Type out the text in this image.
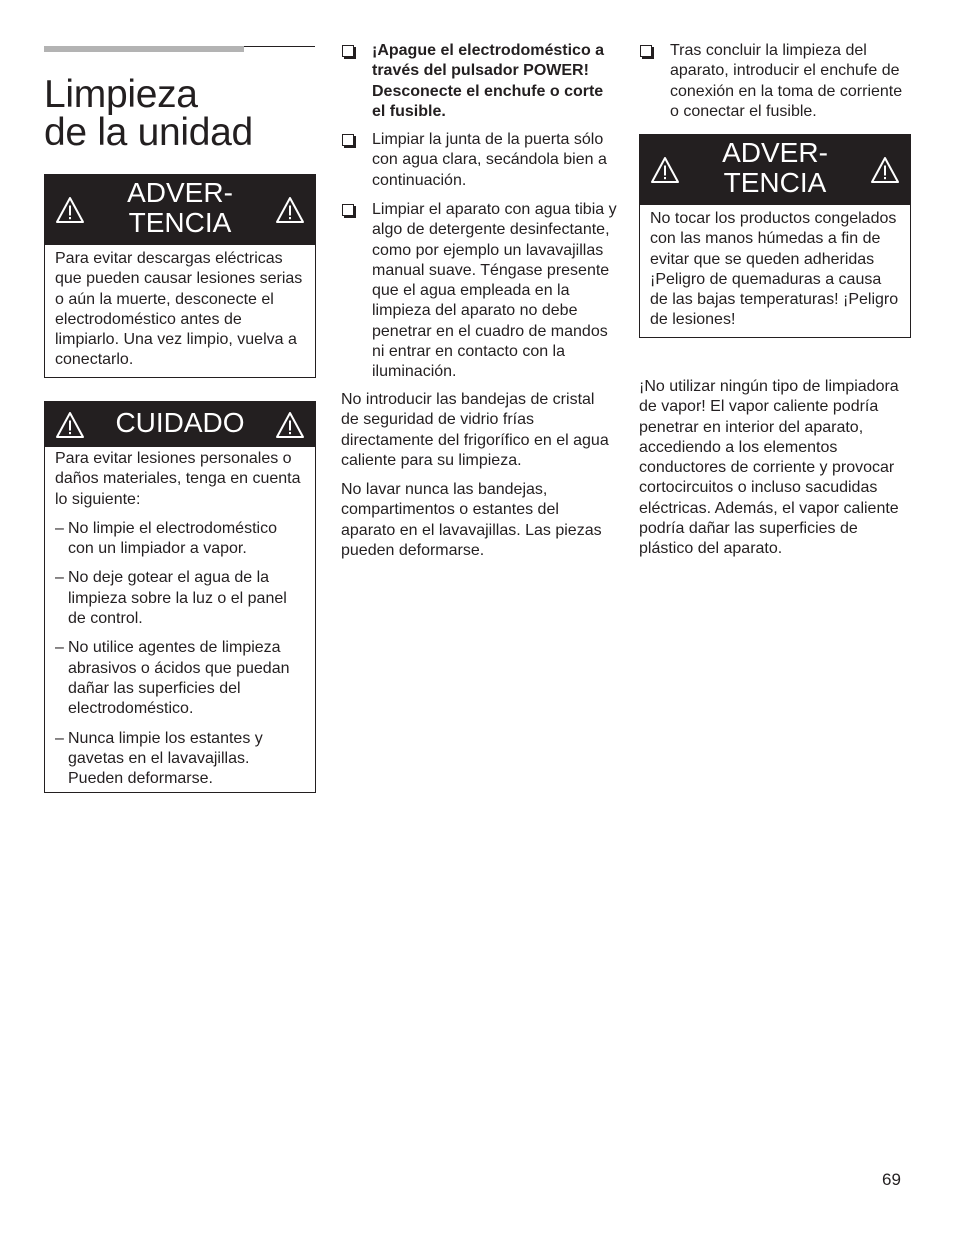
Limpieza
de la unidad
ADVER-
TENCIA

Para evitar descargas eléctricas que pueden causar lesiones serias o aún la muerte, desconecte el electrodoméstico antes de limpiarlo. Una vez limpio, vuelva a conectarlo.

CUIDADO

Para evitar lesiones personales o daños materiales, tenga en cuenta lo siguiente:

– No limpie el electrodoméstico con un limpiador a vapor.
– No deje gotear el agua de la limpieza sobre la luz o el panel de control.
– No utilice agentes de limpieza abrasivos o ácidos que puedan dañar las superficies del electrodoméstico.
– Nunca limpie los estantes y gavetas en el lavavajillas. Pueden deformarse.
¡Apague el electrodoméstico a través del pulsador POWER! Desconecte el enchufe o corte el fusible.
Limpiar la junta de la puerta sólo con agua clara, secándola bien a continuación.
Limpiar el aparato con agua tibia y algo de detergente desinfectante, como por ejemplo un lavavajillas manual suave. Téngase presente que el agua empleada en la limpieza del aparato no debe penetrar en el cuadro de mandos ni entrar en contacto con la iluminación.

No introducir las bandejas de cristal de seguridad de vidrio frías directamente del frigorífico en el agua caliente para su limpieza.

No lavar nunca las bandejas, compartimentos o estantes del aparato en el lavavajillas. Las piezas pueden deformarse.

Tras concluir la limpieza del aparato, introducir el enchufe de conexión en la toma de corriente o conectar el fusible.
ADVER-
TENCIA

No tocar los productos congelados con las manos húmedas a fin de evitar que se queden adheridas ¡Peligro de quemaduras a causa de las bajas temperaturas! ¡Peligro de lesiones!

¡No utilizar ningún tipo de limpiadora de vapor! El vapor caliente podría penetrar en interior del aparato, accediendo a los elementos conductores de corriente y provocar cortocircuitos o incluso sacudidas eléctricas. Además, el vapor caliente podría dañar las superficies de plástico del aparato.

69
